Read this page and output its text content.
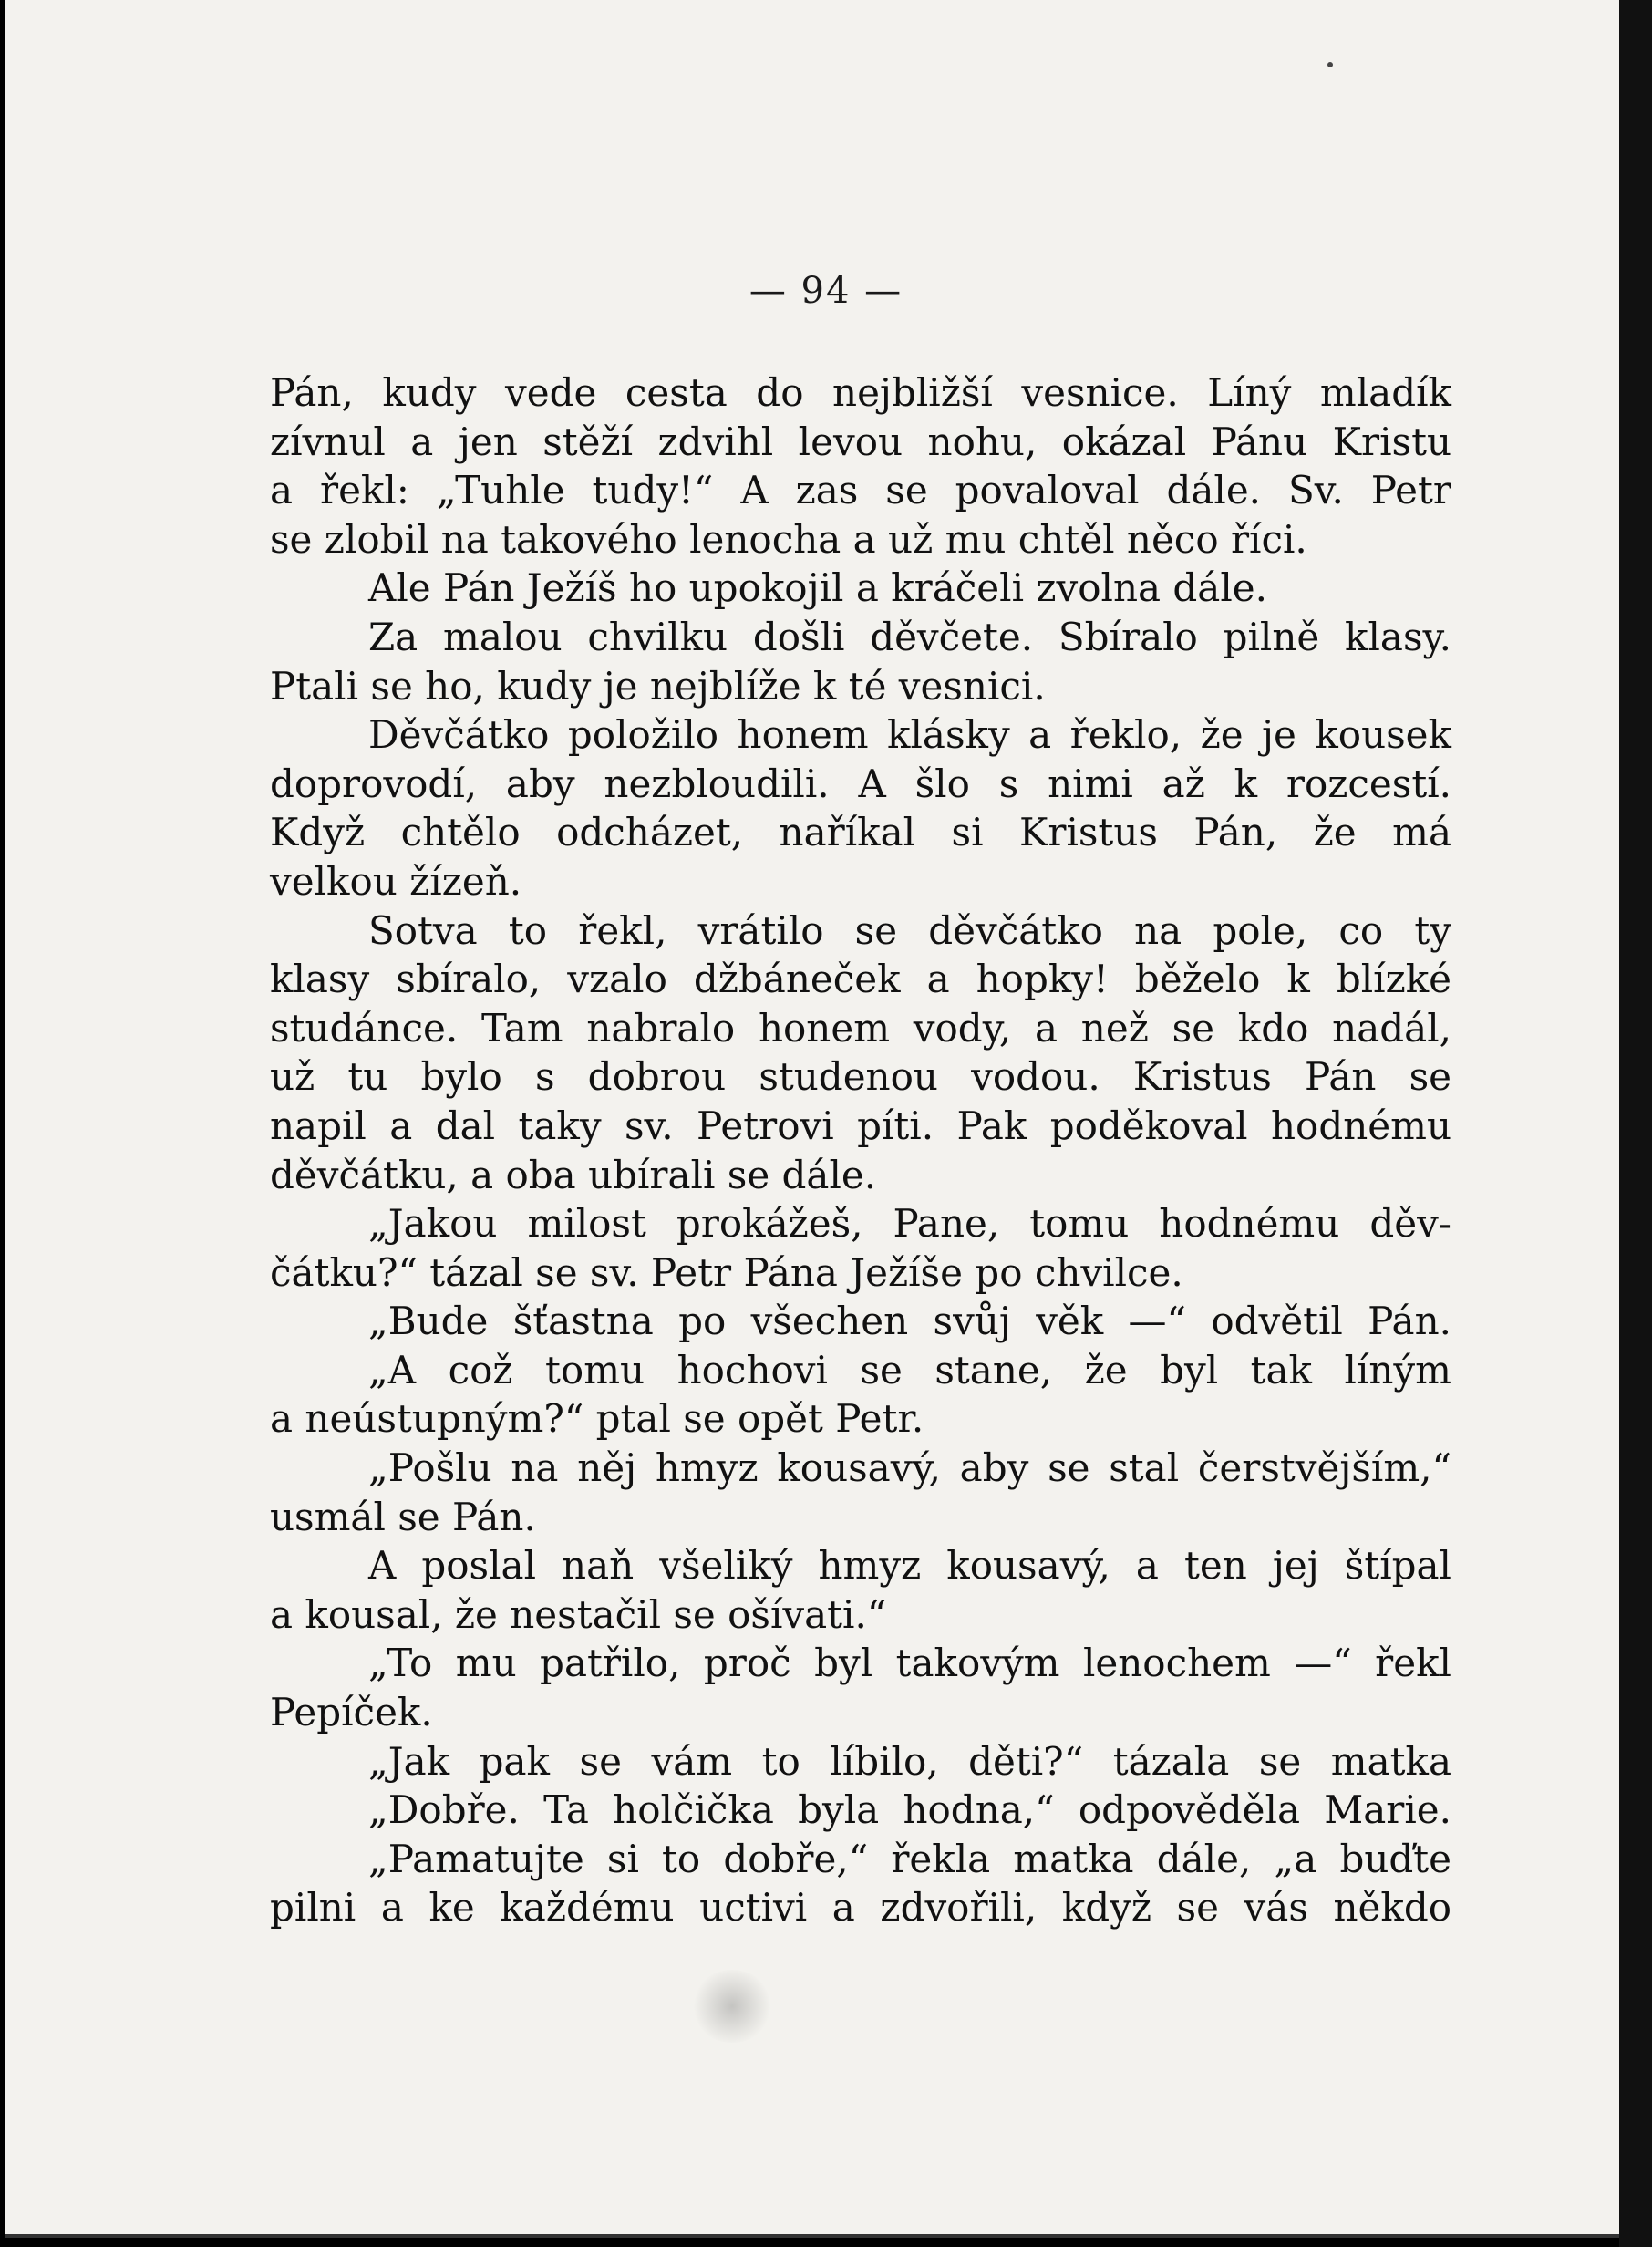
— 94 —
Pán, kudy vede cesta do nejbližší vesnice. Líný mladík
zívnul a jen stěží zdvihl levou nohu, okázal Pánu Kristu
a řekl: „Tuhle tudy!“ A zas se povaloval dále. Sv. Petr
se zlobil na takového lenocha a už mu chtěl něco říci.
Ale Pán Ježíš ho upokojil a kráčeli zvolna dále.
Za malou chvilku došli děvčete. Sbíralo pilně klasy.
Ptali se ho, kudy je nejblíže k té vesnici.
Děvčátko položilo honem klásky a řeklo, že je kousek
doprovodí, aby nezbloudili. A šlo s nimi až k rozcestí.
Když chtělo odcházet, naříkal si Kristus Pán, že má
velkou žízeň.
Sotva to řekl, vrátilo se děvčátko na pole, co ty
klasy sbíralo, vzalo džbáneček a hopky! běželo k blízké
studánce. Tam nabralo honem vody, a než se kdo nadál,
už tu bylo s dobrou studenou vodou. Kristus Pán se
napil a dal taky sv. Petrovi píti. Pak poděkoval hodnému
děvčátku, a oba ubírali se dále.
„Jakou milost prokážeš, Pane, tomu hodnému děv-
čátku?“ tázal se sv. Petr Pána Ježíše po chvilce.
„Bude šťastna po všechen svůj věk —“ odvětil Pán.
„A což tomu hochovi se stane, že byl tak líným
a neústupným?“ ptal se opět Petr.
„Pošlu na něj hmyz kousavý, aby se stal čerstvějším,“
usmál se Pán.
A poslal naň všeliký hmyz kousavý, a ten jej štípal
a kousal, že nestačil se ošívati.“
„To mu patřilo, proč byl takovým lenochem —“ řekl
Pepíček.
„Jak pak se vám to líbilo, děti?“ tázala se matka
„Dobře. Ta holčička byla hodna,“ odpověděla Marie.
„Pamatujte si to dobře,“ řekla matka dále, „a buďte
pilni a ke každému uctivi a zdvořili, když se vás někdo
